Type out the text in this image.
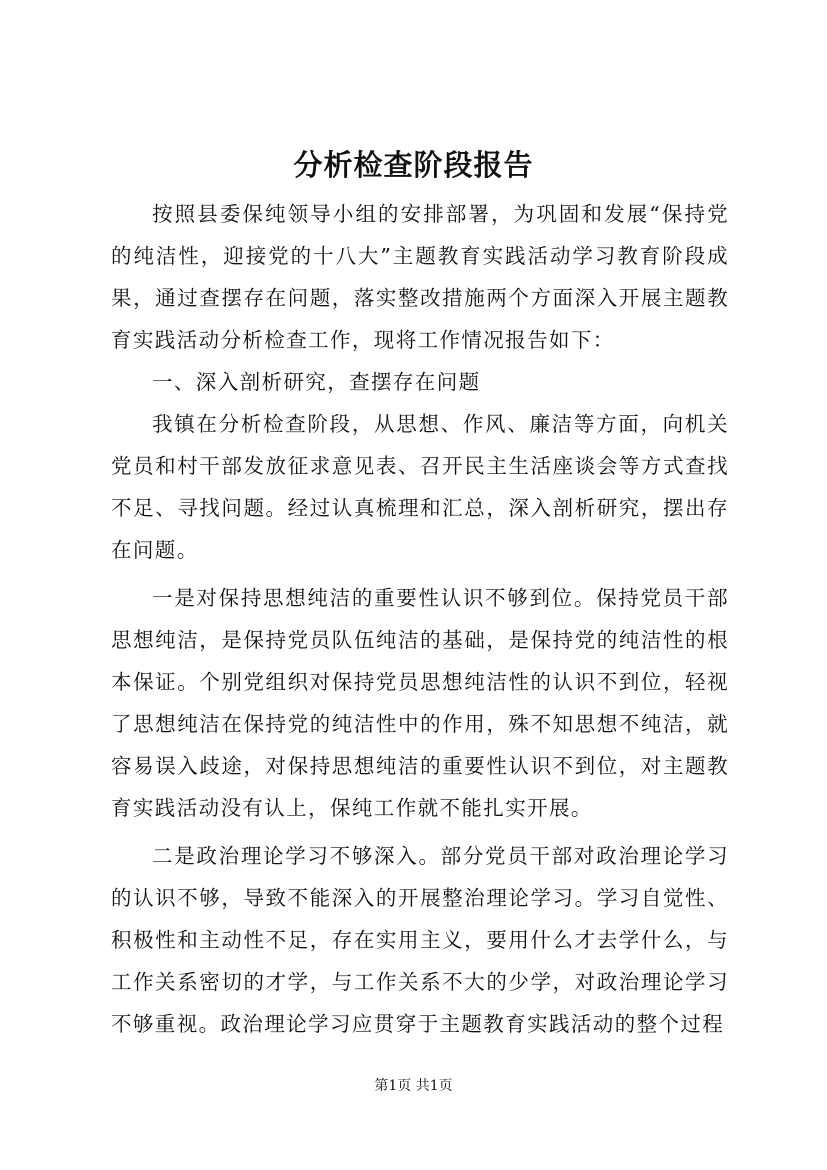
分析检查阶段报告

按照县委保纯领导小组的安排部署，为巩固和发展“保持党的纯洁性，迎接党的十八大”主题教育实践活动学习教育阶段成果，通过查摆存在问题，落实整改措施两个方面深入开展主题教育实践活动分析检查工作，现将工作情况报告如下：

一、深入剖析研究，查摆存在问题

我镇在分析检查阶段，从思想、作风、廉洁等方面，向机关党员和村干部发放征求意见表、召开民主生活座谈会等方式查找不足、寻找问题。经过认真梳理和汇总，深入剖析研究，摆出存在问题。

一是对保持思想纯洁的重要性认识不够到位。保持党员干部思想纯洁，是保持党员队伍纯洁的基础，是保持党的纯洁性的根本保证。个别党组织对保持党员思想纯洁性的认识不到位，轻视了思想纯洁在保持党的纯洁性中的作用，殊不知思想不纯洁，就容易误入歧途，对保持思想纯洁的重要性认识不到位，对主题教育实践活动没有认上，保纯工作就不能扎实开展。

二是政治理论学习不够深入。部分党员干部对政治理论学习的认识不够，导致不能深入的开展整治理论学习。学习自觉性、积极性和主动性不足，存在实用主义，要用什么才去学什么，与工作关系密切的才学，与工作关系不大的少学，对政治理论学习不够重视。政治理论学习应贯穿于主题教育实践活动的整个过程

第1页 共1页
